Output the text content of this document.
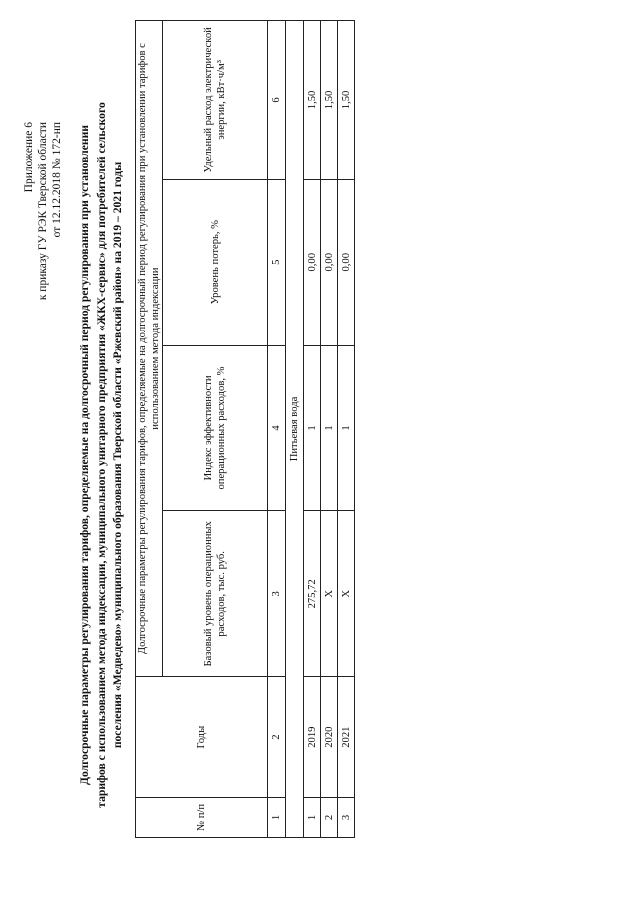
Приложение 6 к приказу ГУ РЭК Тверской области от 12.12.2018 № 172-нп Долгосрочные параметры регулирования тарифов, определяемые на долгосрочный период регулирования при установлении тарифов с использованием метода индексации, муниципального унитарного предприятия «ЖКХ-сервис» для потребителей сельского поселения «Медведево» муниципального образования Тверской области «Ржевский район» на 2019 – 2021 годы
№ п/п	Годы	Долгосрочные параметры регулирования тарифов, определяемые на долгосрочный период регулирования при установлении тарифов с использованием метода индексации			
		Базовый уровень операционных расходов, тыс. руб.	Индекс эффективности операционных расходов, %	Уровень потерь, %	Удельный расход электрической энергии, кВт·ч/м³
1	2	3	4	5	6
Питьевая вода					
1	2019	275,72	1	0,00	1,50
2	2020	Х	1	0,00	1,50
3	2021	Х	1	0,00	1,50
